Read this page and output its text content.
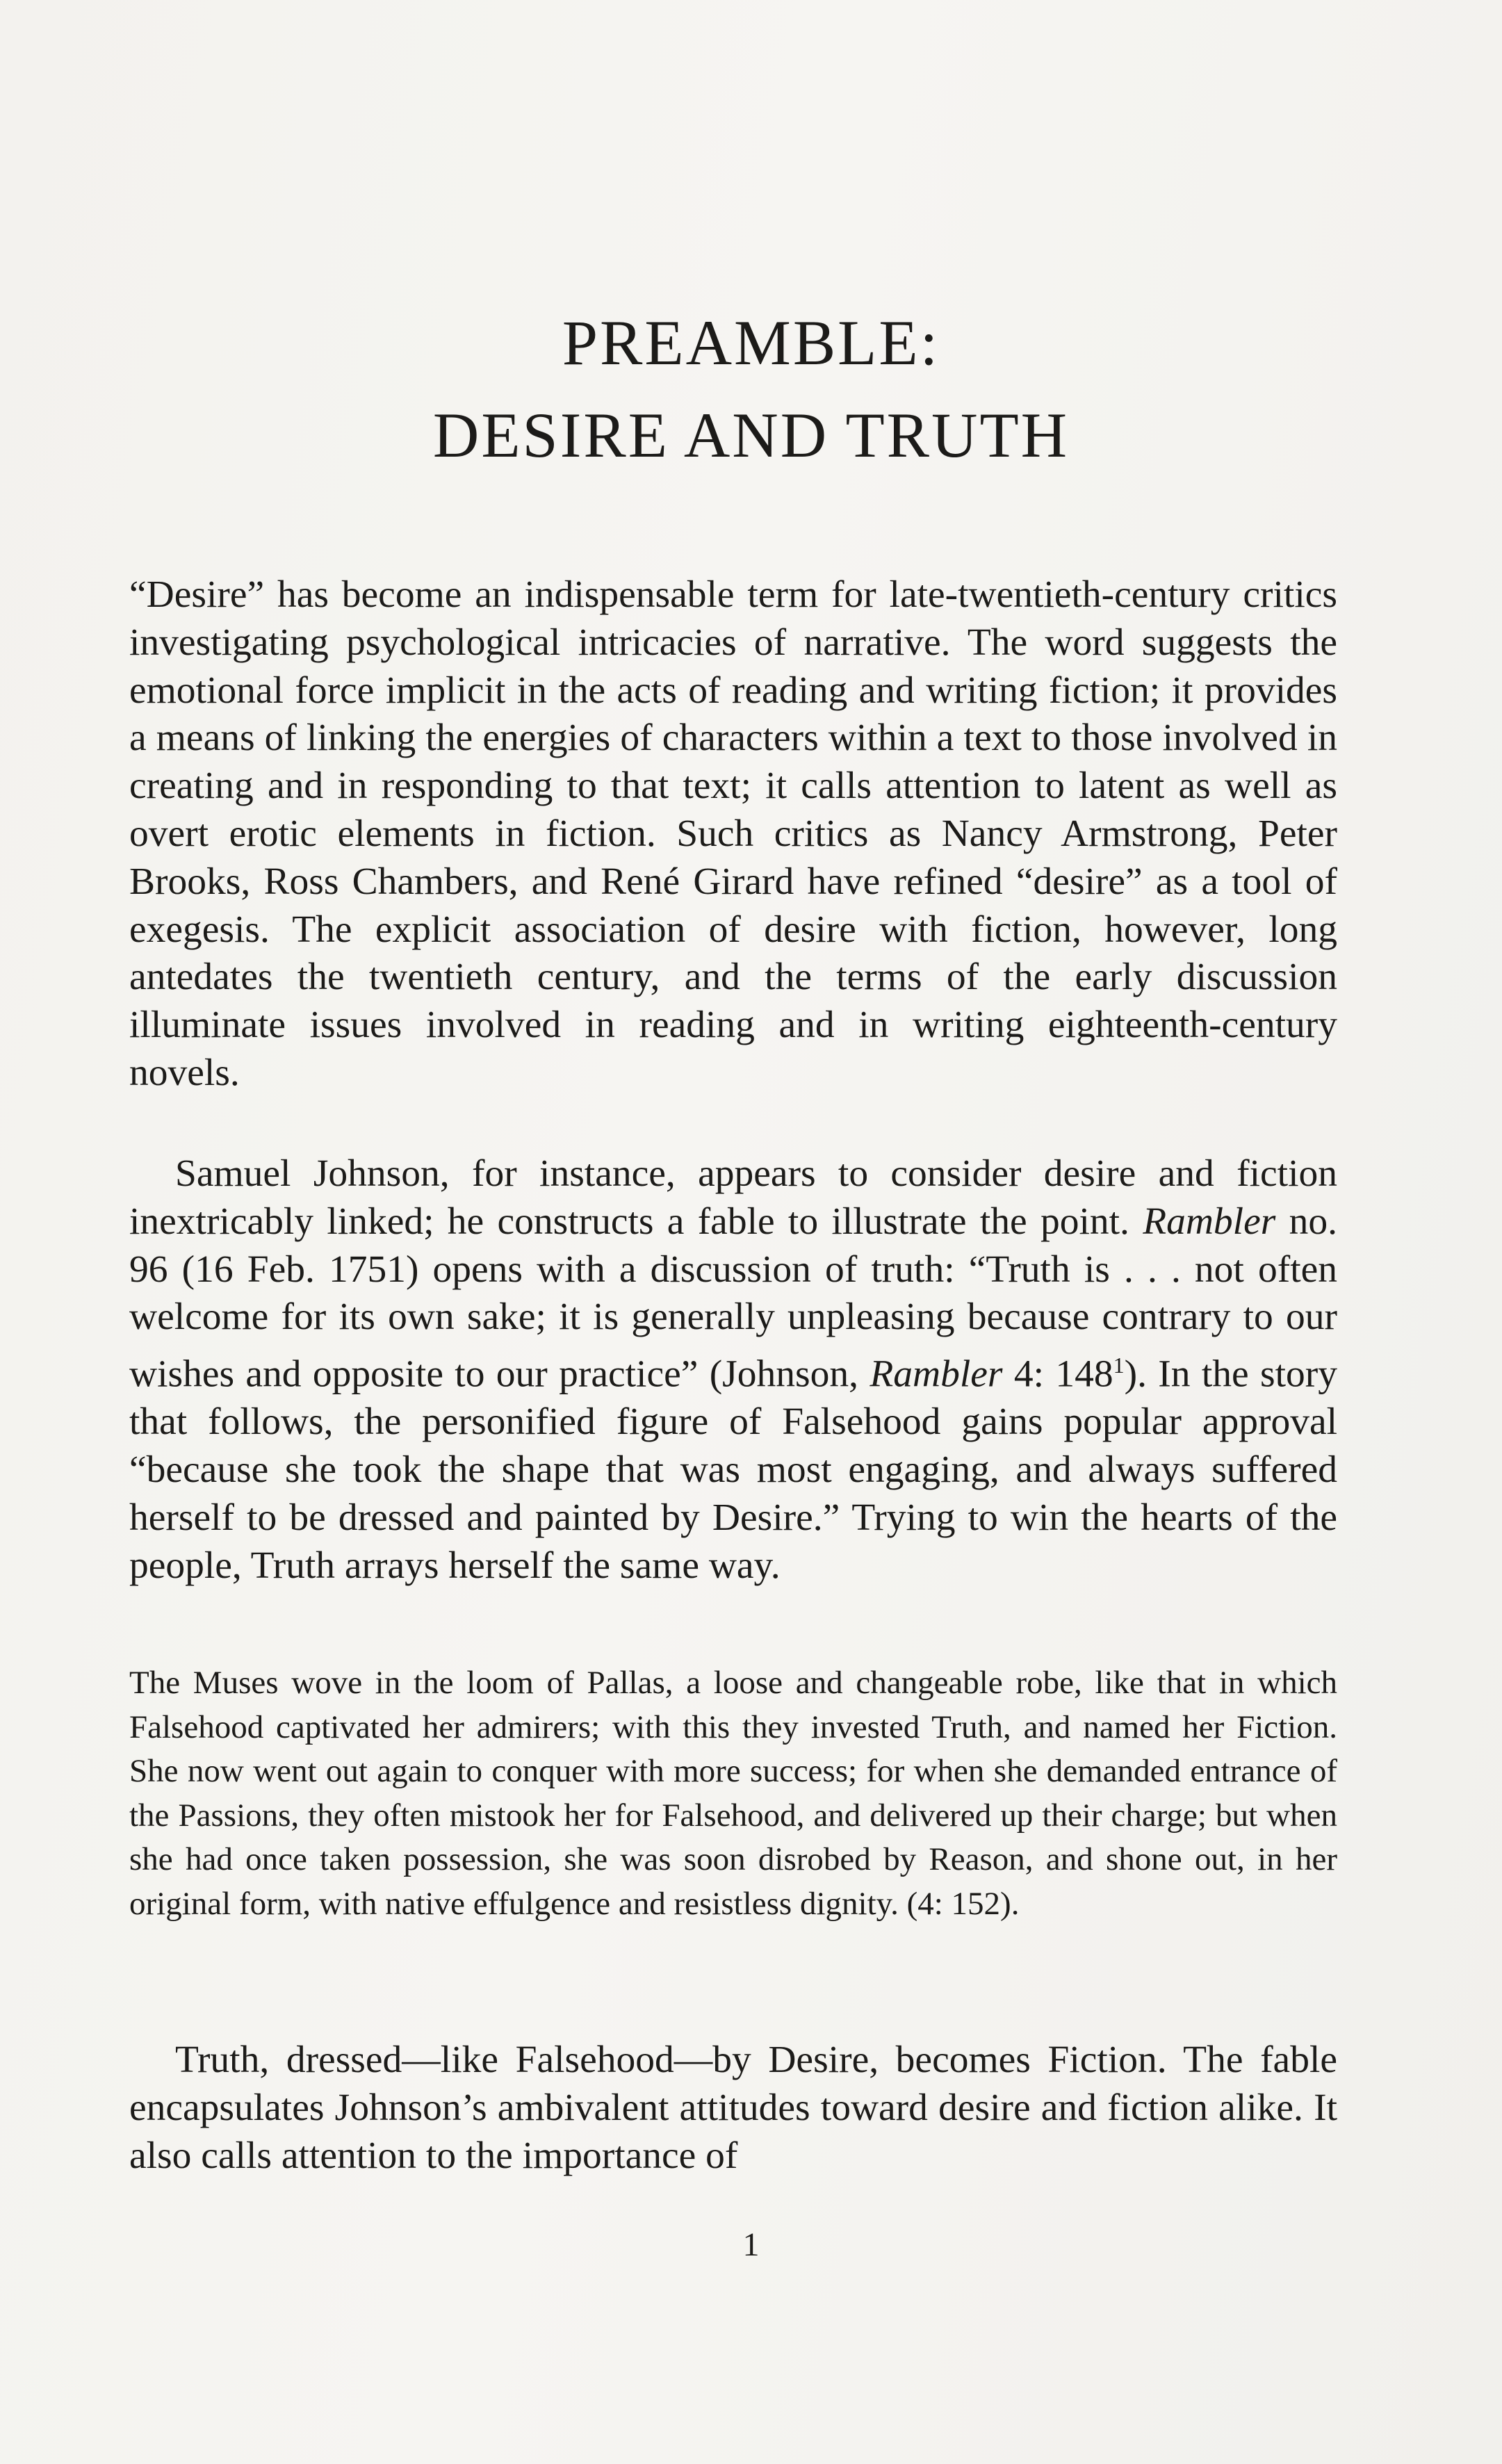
PREAMBLE:
DESIRE AND TRUTH

“Desire” has become an indispensable term for late-twentieth-century critics investigating psychological intricacies of narrative. The word suggests the emotional force implicit in the acts of reading and writing fiction; it provides a means of linking the energies of characters within a text to those involved in creating and in responding to that text; it calls attention to latent as well as overt erotic elements in fiction. Such critics as Nancy Armstrong, Peter Brooks, Ross Chambers, and René Girard have refined “desire” as a tool of exegesis. The explicit association of desire with fiction, however, long antedates the twentieth century, and the terms of the early discussion illuminate issues involved in reading and in writing eighteenth-century novels.

Samuel Johnson, for instance, appears to consider desire and fiction inextricably linked; he constructs a fable to illustrate the point. Rambler no. 96 (16 Feb. 1751) opens with a discussion of truth: “Truth is . . . not often welcome for its own sake; it is generally unpleasing because contrary to our wishes and opposite to our practice” (Johnson, Rambler 4: $148^1$). In the story that follows, the personified figure of Falsehood gains popular approval “because she took the shape that was most engaging, and always suffered herself to be dressed and painted by Desire.” Trying to win the hearts of the people, Truth arrays herself the same way.

The Muses wove in the loom of Pallas, a loose and changeable robe, like that in which Falsehood captivated her admirers; with this they invested Truth, and named her Fiction. She now went out again to conquer with more success; for when she demanded entrance of the Passions, they often mistook her for Falsehood, and delivered up their charge; but when she had once taken possession, she was soon disrobed by Reason, and shone out, in her original form, with native effulgence and resistless dignity. (4: 152).

Truth, dressed—like Falsehood—by Desire, becomes Fiction. The fable encapsulates Johnson’s ambivalent attitudes toward desire and fiction alike. It also calls attention to the importance of

1
